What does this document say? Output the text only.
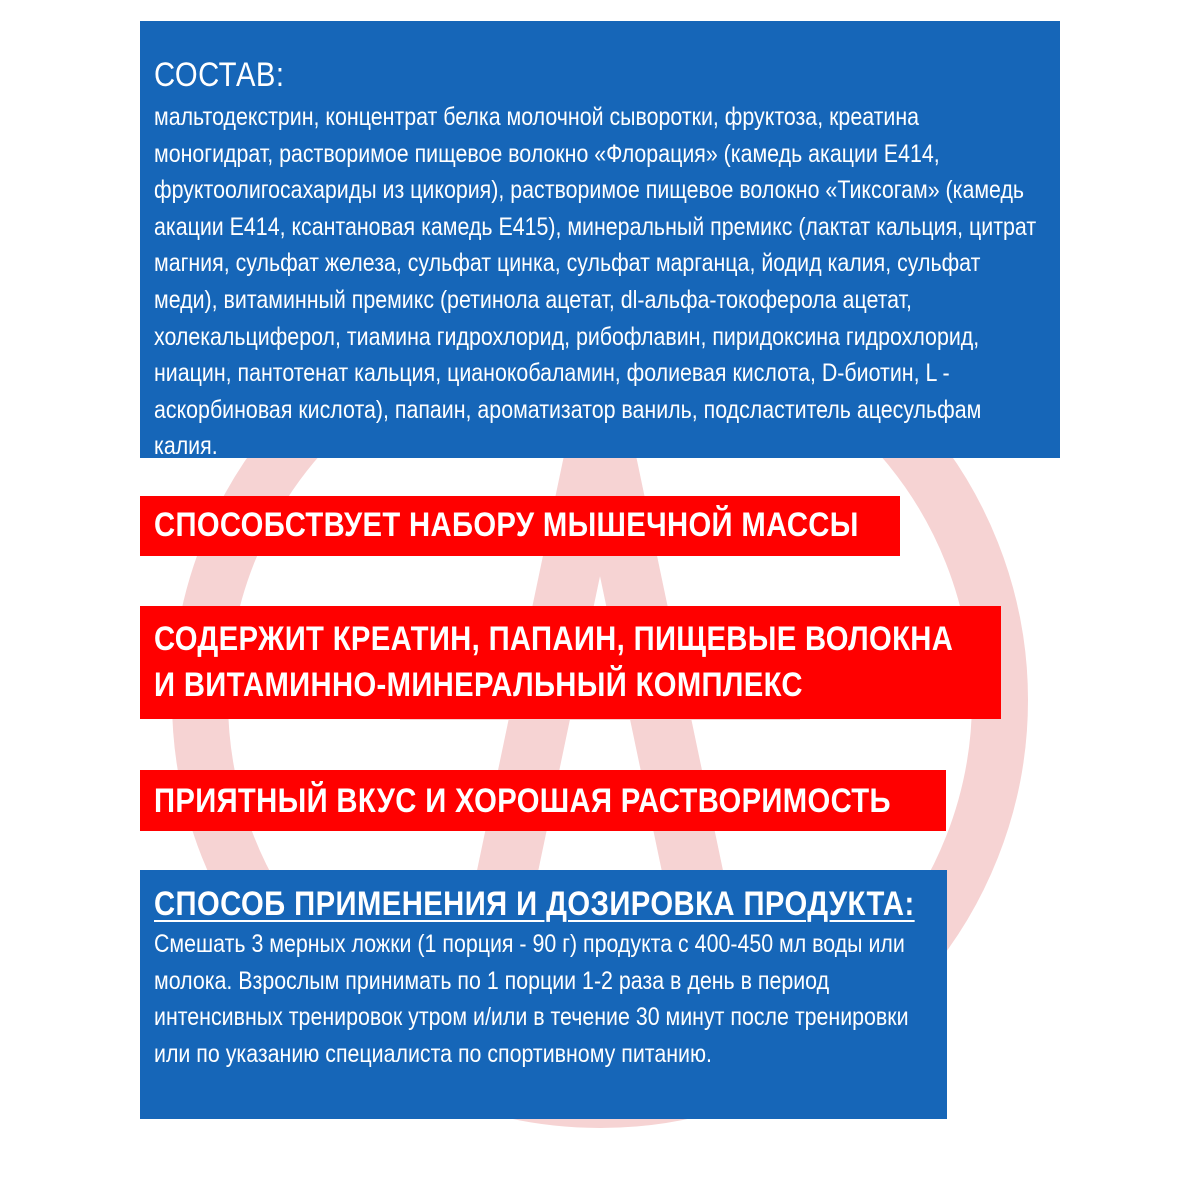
СОСТАВ:
мальтодекстрин, концентрат белка молочной сыворотки, фруктоза, креатина моногидрат, растворимое пищевое волокно «Флорация» (камедь акации Е414, фруктоолигосахариды из цикория), растворимое пищевое волокно «Тиксогам» (камедь акации Е414, ксантановая камедь Е415), минеральный премикс (лактат кальция, цитрат магния, сульфат железа, сульфат цинка, сульфат марганца, йодид калия, сульфат меди), витаминный премикс (ретинола ацетат, dl-альфа-токоферола ацетат, холекальциферол, тиамина гидрохлорид, рибофлавин, пиридоксина гидрохлорид, ниацин, пантотенат кальция, цианокобаламин, фолиевая кислота, D-биотин, L - аскорбиновая кислота), папаин, ароматизатор ваниль, подсластитель ацесульфам калия.
СПОСОБСТВУЕТ НАБОРУ МЫШЕЧНОЙ МАССЫ
СОДЕРЖИТ КРЕАТИН, ПАПАИН, ПИЩЕВЫЕ ВОЛОКНА
И ВИТАМИННО-МИНЕРАЛЬНЫЙ КОМПЛЕКС
ПРИЯТНЫЙ ВКУС И ХОРОШАЯ РАСТВОРИМОСТЬ
СПОСОБ ПРИМЕНЕНИЯ И ДОЗИРОВКА ПРОДУКТА:
Смешать 3 мерных ложки (1 порция - 90 г) продукта с 400-450 мл воды или молока. Взрослым принимать по 1 порции 1-2 раза в день в период интенсивных тренировок утром и/или в течение 30 минут после тренировки или по указанию специалиста по спортивному питанию.
